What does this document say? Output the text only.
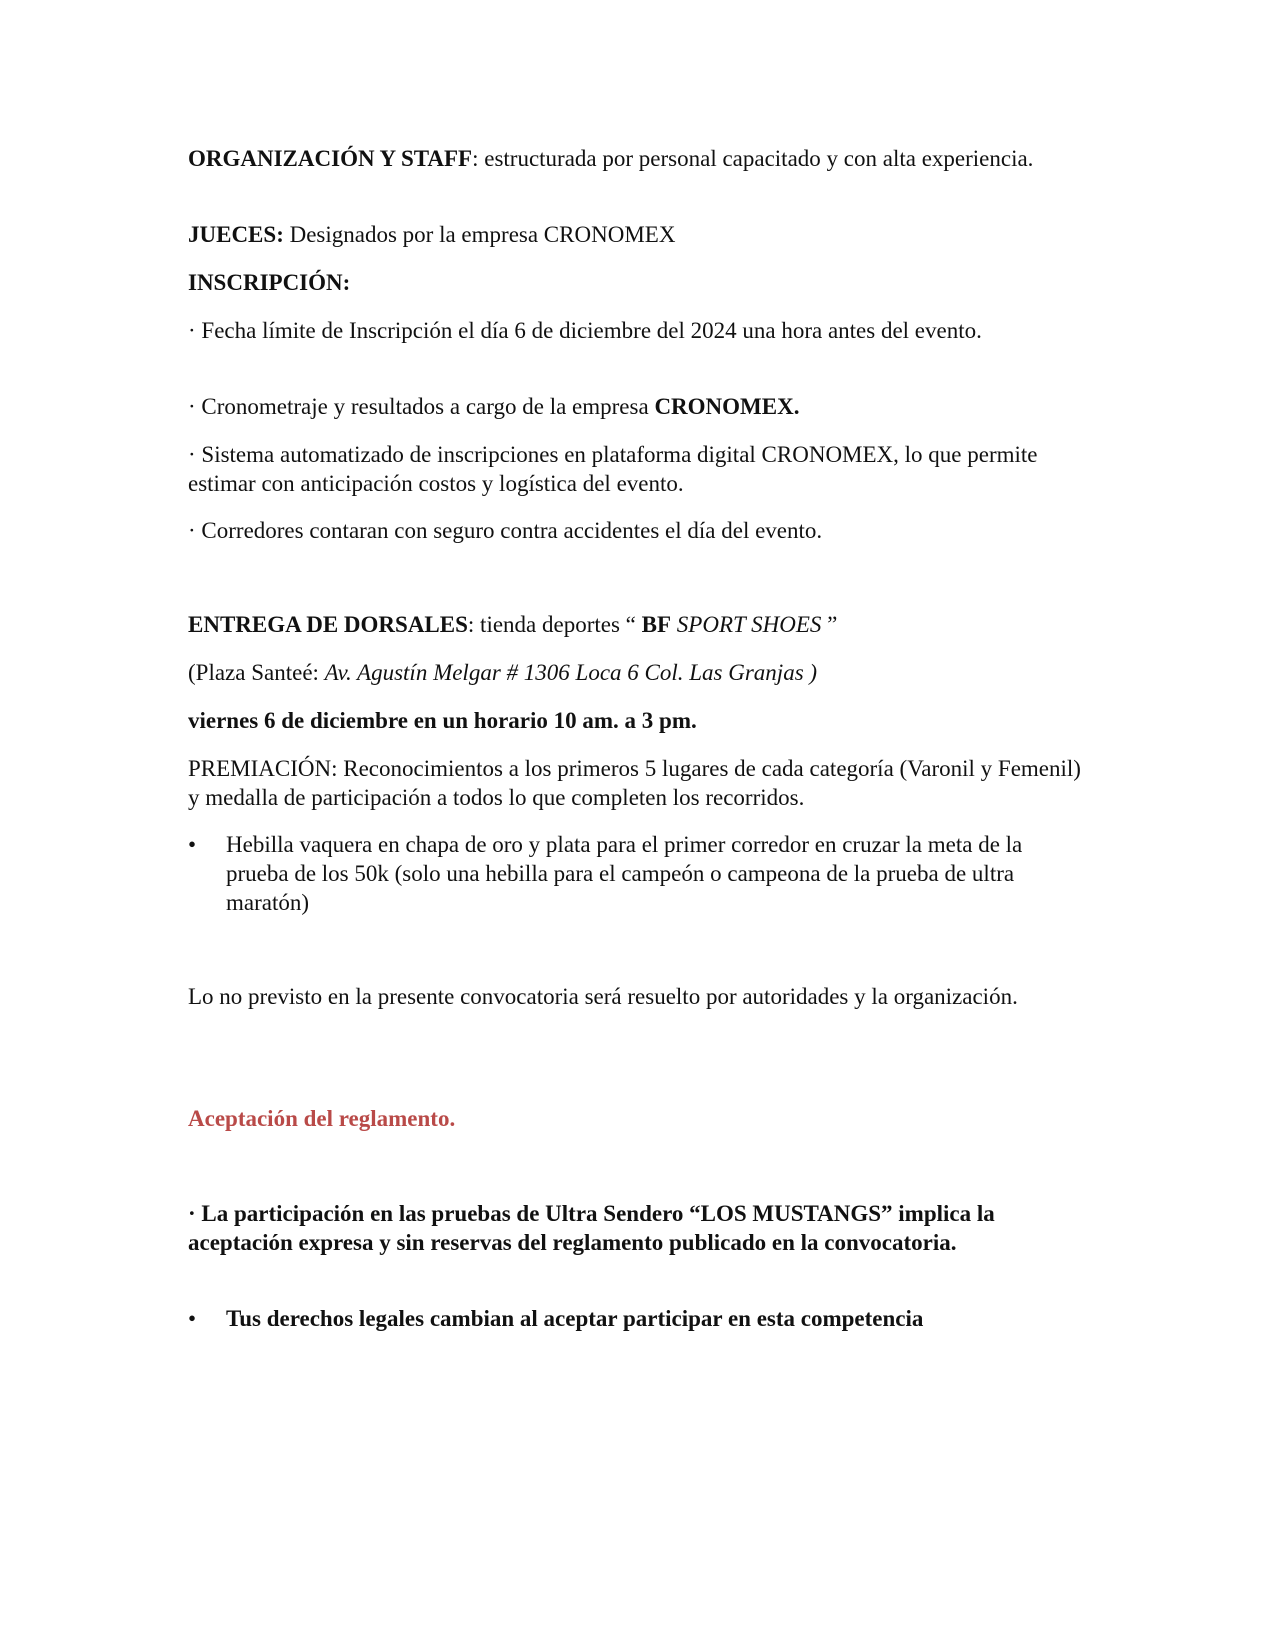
ORGANIZACIÓN Y STAFF: estructurada por personal capacitado y con alta experiencia.

JUECES: Designados por la empresa CRONOMEX

INSCRIPCIÓN:

· Fecha límite de Inscripción el día 6 de diciembre del 2024 una hora antes del evento.

· Cronometraje y resultados a cargo de la empresa CRONOMEX.

· Sistema automatizado de inscripciones en plataforma digital CRONOMEX, lo que permite estimar con anticipación costos y logística del evento.

· Corredores contaran con seguro contra accidentes el día del evento.

ENTREGA DE DORSALES: tienda deportes “ BF SPORT SHOES ”

(Plaza Santeé: Av. Agustín Melgar # 1306 Loca 6 Col. Las Granjas )

viernes 6 de diciembre en un horario 10 am. a 3 pm.

PREMIACIÓN: Reconocimientos a los primeros 5 lugares de cada categoría (Varonil y Femenil) y medalla de participación a todos lo que completen los recorridos.

•	Hebilla vaquera en chapa de oro y plata para el primer corredor en cruzar la meta de la prueba de los 50k (solo una hebilla para el campeón o campeona de la prueba de ultra maratón)

Lo no previsto en la presente convocatoria será resuelto por autoridades y la organización.

Aceptación del reglamento.

· La participación en las pruebas de Ultra Sendero “LOS MUSTANGS” implica la aceptación expresa y sin reservas del reglamento publicado en la convocatoria.

•	Tus derechos legales cambian al aceptar participar en esta competencia
